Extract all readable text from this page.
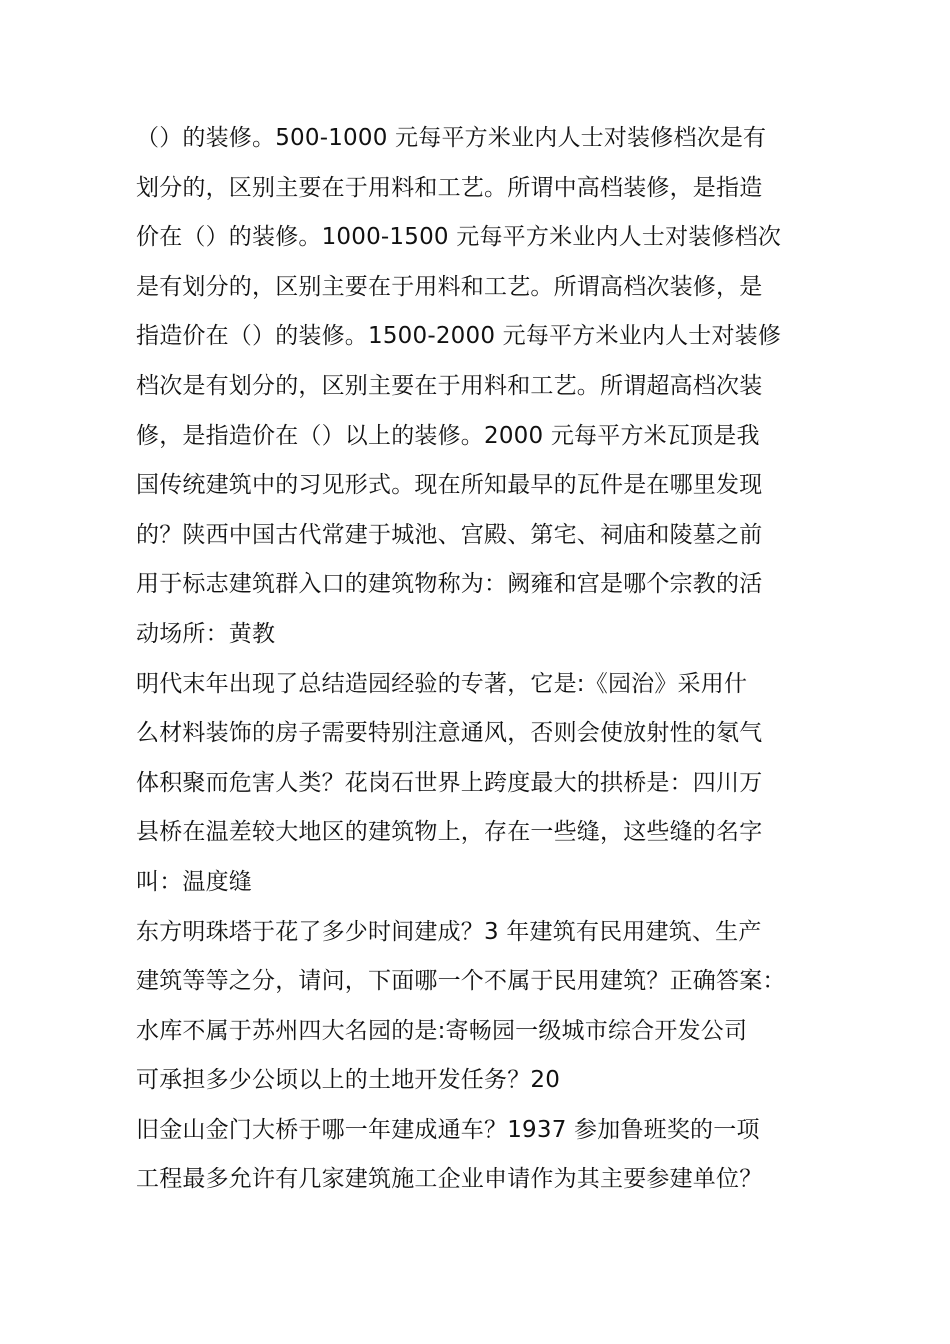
（）的装修。500-1000 元每平方米业内人士对装修档次是有
划分的，区别主要在于用料和工艺。所谓中高档装修，是指造
价在（）的装修。1000-1500 元每平方米业内人士对装修档次
是有划分的，区别主要在于用料和工艺。所谓高档次装修，是
指造价在（）的装修。1500-2000 元每平方米业内人士对装修
档次是有划分的，区别主要在于用料和工艺。所谓超高档次装
修，是指造价在（）以上的装修。2000 元每平方米瓦顶是我
国传统建筑中的习见形式。现在所知最早的瓦件是在哪里发现
的？陕西中国古代常建于城池、宫殿、第宅、祠庙和陵墓之前
用于标志建筑群入口的建筑物称为：阙雍和宫是哪个宗教的活
动场所：黄教
明代末年出现了总结造园经验的专著，它是:《园治》采用什
么材料装饰的房子需要特别注意通风，否则会使放射性的氡气
体积聚而危害人类？花岗石世界上跨度最大的拱桥是：四川万
县桥在温差较大地区的建筑物上，存在一些缝，这些缝的名字
叫：温度缝
东方明珠塔于花了多少时间建成？3 年建筑有民用建筑、生产
建筑等等之分，请问，下面哪一个不属于民用建筑？正确答案：
水库不属于苏州四大名园的是:寄畅园一级城市综合开发公司
可承担多少公顷以上的土地开发任务？20
旧金山金门大桥于哪一年建成通车？1937 参加鲁班奖的一项
工程最多允许有几家建筑施工企业申请作为其主要参建单位？
